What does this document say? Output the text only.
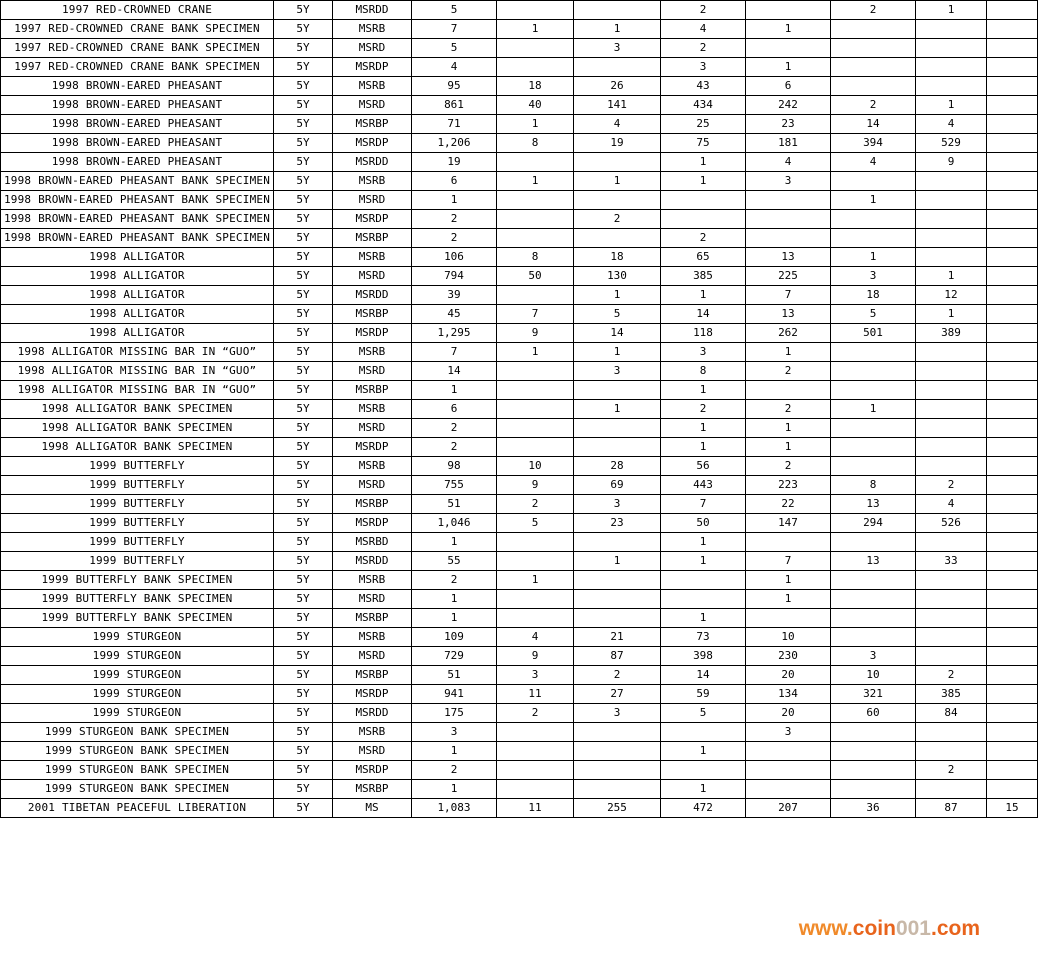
1997 RED-CROWNED CRANE	5Y	MSRDD	5			2		2	1	
1997 RED-CROWNED CRANE BANK SPECIMEN	5Y	MSRB	7	1	1	4	1			
1997 RED-CROWNED CRANE BANK SPECIMEN	5Y	MSRD	5		3	2				
1997 RED-CROWNED CRANE BANK SPECIMEN	5Y	MSRDP	4			3	1			
1998 BROWN-EARED PHEASANT	5Y	MSRB	95	18	26	43	6			
1998 BROWN-EARED PHEASANT	5Y	MSRD	861	40	141	434	242	2	1	
1998 BROWN-EARED PHEASANT	5Y	MSRBP	71	1	4	25	23	14	4	
1998 BROWN-EARED PHEASANT	5Y	MSRDP	1,206	8	19	75	181	394	529	
1998 BROWN-EARED PHEASANT	5Y	MSRDD	19			1	4	4	9	
1998 BROWN-EARED PHEASANT BANK SPECIMEN	5Y	MSRB	6	1	1	1	3			
1998 BROWN-EARED PHEASANT BANK SPECIMEN	5Y	MSRD	1					1		
1998 BROWN-EARED PHEASANT BANK SPECIMEN	5Y	MSRDP	2		2					
1998 BROWN-EARED PHEASANT BANK SPECIMEN	5Y	MSRBP	2			2				
1998 ALLIGATOR	5Y	MSRB	106	8	18	65	13	1		
1998 ALLIGATOR	5Y	MSRD	794	50	130	385	225	3	1	
1998 ALLIGATOR	5Y	MSRDD	39		1	1	7	18	12	
1998 ALLIGATOR	5Y	MSRBP	45	7	5	14	13	5	1	
1998 ALLIGATOR	5Y	MSRDP	1,295	9	14	118	262	501	389	
1998 ALLIGATOR MISSING BAR IN “GUO”	5Y	MSRB	7	1	1	3	1			
1998 ALLIGATOR MISSING BAR IN “GUO”	5Y	MSRD	14		3	8	2			
1998 ALLIGATOR MISSING BAR IN “GUO”	5Y	MSRBP	1			1				
1998 ALLIGATOR BANK SPECIMEN	5Y	MSRB	6		1	2	2	1		
1998 ALLIGATOR BANK SPECIMEN	5Y	MSRD	2			1	1			
1998 ALLIGATOR BANK SPECIMEN	5Y	MSRDP	2			1	1			
1999 BUTTERFLY	5Y	MSRB	98	10	28	56	2			
1999 BUTTERFLY	5Y	MSRD	755	9	69	443	223	8	2	
1999 BUTTERFLY	5Y	MSRBP	51	2	3	7	22	13	4	
1999 BUTTERFLY	5Y	MSRDP	1,046	5	23	50	147	294	526	
1999 BUTTERFLY	5Y	MSRBD	1			1				
1999 BUTTERFLY	5Y	MSRDD	55		1	1	7	13	33	
1999 BUTTERFLY BANK SPECIMEN	5Y	MSRB	2	1			1			
1999 BUTTERFLY BANK SPECIMEN	5Y	MSRD	1				1			
1999 BUTTERFLY BANK SPECIMEN	5Y	MSRBP	1			1				
1999 STURGEON	5Y	MSRB	109	4	21	73	10			
1999 STURGEON	5Y	MSRD	729	9	87	398	230	3		
1999 STURGEON	5Y	MSRBP	51	3	2	14	20	10	2	
1999 STURGEON	5Y	MSRDP	941	11	27	59	134	321	385	
1999 STURGEON	5Y	MSRDD	175	2	3	5	20	60	84	
1999 STURGEON BANK SPECIMEN	5Y	MSRB	3				3			
1999 STURGEON BANK SPECIMEN	5Y	MSRD	1			1				
1999 STURGEON BANK SPECIMEN	5Y	MSRDP	2						2	
1999 STURGEON BANK SPECIMEN	5Y	MSRBP	1			1				
2001 TIBETAN PEACEFUL LIBERATION	5Y	MS	1,083	11	255	472	207	36	87	15
www.coin001.com
